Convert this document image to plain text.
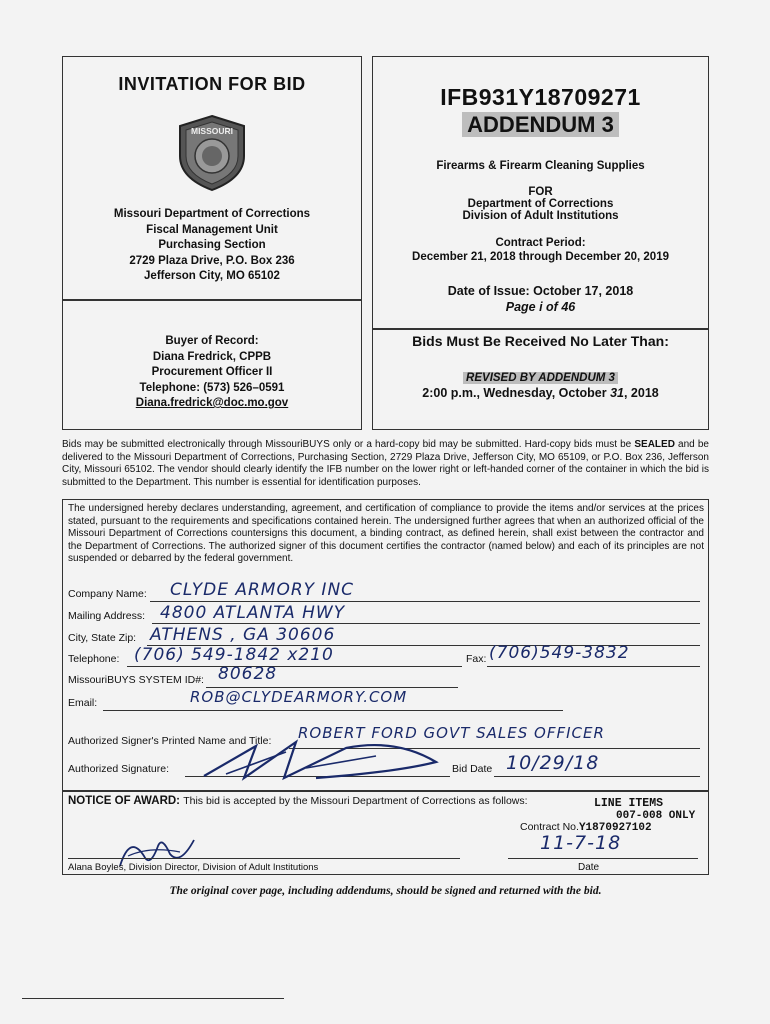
INVITATION FOR BID
MISSOURI
Missouri Department of Corrections
Fiscal Management Unit
Purchasing Section
2729 Plaza Drive, P.O. Box 236
Jefferson City, MO 65102
IFB931Y18709271
ADDENDUM 3
Firearms & Firearm Cleaning Supplies
FOR
Department of Corrections
Division of Adult Institutions
Contract Period:
December 21, 2018 through December 20, 2019
Date of Issue: October 17, 2018
Page i of 46
Buyer of Record:
Diana Fredrick, CPPB
Procurement Officer II
Telephone: (573) 526–0591
Diana.fredrick@doc.mo.gov
Bids Must Be Received No Later Than:
REVISED BY ADDENDUM 3
2:00 p.m., Wednesday, October 31, 2018
Bids may be submitted electronically through MissouriBUYS only or a hard-copy bid may be submitted. Hard-copy bids must be SEALED and be delivered to the Missouri Department of Corrections, Purchasing Section, 2729 Plaza Drive, Jefferson City, MO 65109, or P.O. Box 236, Jefferson City, Missouri 65102. The vendor should clearly identify the IFB number on the lower right or left-handed corner of the container in which the bid is submitted to the Department. This number is essential for identification purposes.
The undersigned hereby declares understanding, agreement, and certification of compliance to provide the items and/or services at the prices stated, pursuant to the requirements and specifications contained herein. The undersigned further agrees that when an authorized official of the Missouri Department of Corrections countersigns this document, a binding contract, as defined herein, shall exist between the contractor and the Department of Corrections. The authorized signer of this document certifies the contractor (named below) and each of its principles are not suspended or debarred by the federal government.
Company Name: CLYDE ARMORY INC
Mailing Address: 4800 ATLANTA HWY
City, State Zip: ATHENS , GA 30606
Telephone: (706) 549-1842 x210	Fax: (706)549-3832
MissouriBUYS SYSTEM ID#: 80628
Email:	ROB@CLYDEARMORY.COM
Authorized Signer's Printed Name and Title: ROBERT FORD GOVT SALES OFFICER
Authorized Signature:	Bid Date 10/29/18
NOTICE OF AWARD: This bid is accepted by the Missouri Department of Corrections as follows:	LINE ITEMS
007-008 ONLY
Contract No.Y1870927102
Alana Boyles, Division Director, Division of Adult Institutions
11-7-18
Date
The original cover page, including addendums, should be signed and returned with the bid.
